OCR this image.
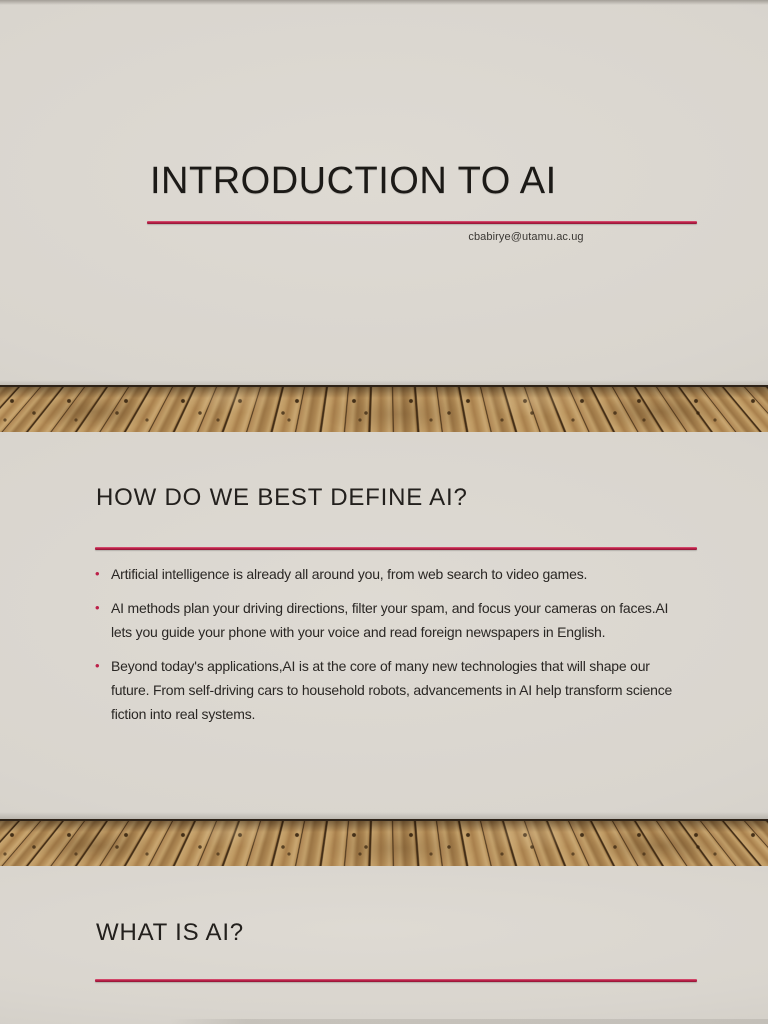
INTRODUCTION TO AI
cbabirye@utamu.ac.ug
HOW DO WE BEST DEFINE AI?
• Artificial intelligence is already all around you, from web search to video games.
• AI methods plan your driving directions, filter your spam, and focus your cameras on faces.AI lets you guide your phone with your voice and read foreign newspapers in English.
• Beyond today's applications,AI is at the core of many new technologies that will shape our future. From self-driving cars to household robots, advancements in AI help transform science fiction into real systems.
WHAT IS AI?
